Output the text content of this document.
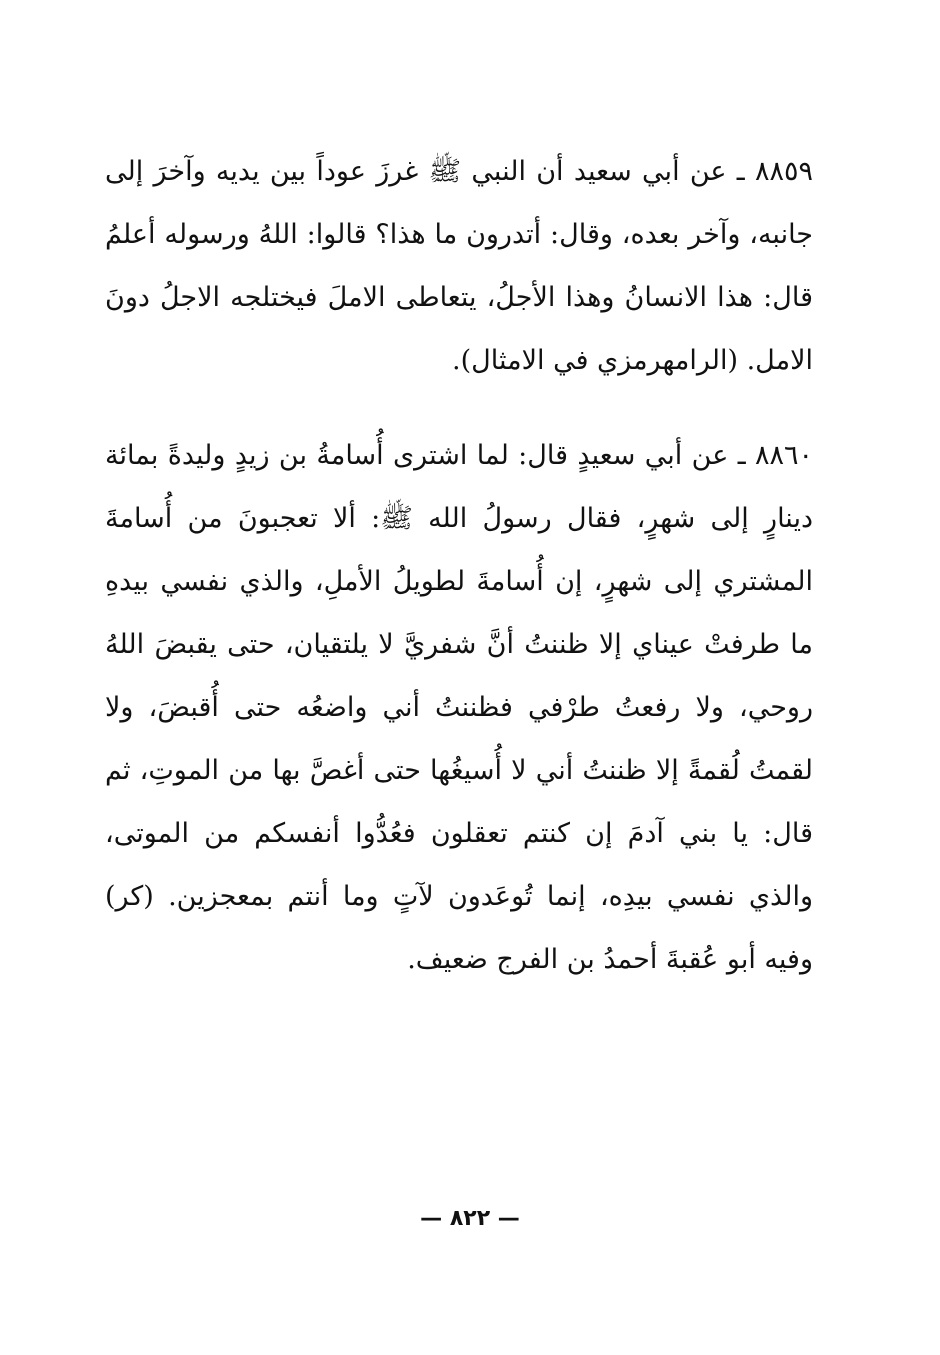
٨٨٥٩ ـ عن أبي سعيد أن النبي ﷺ غرزَ عوداً بين يديه وآخرَ إلى جانبه، وآخر بعده، وقال: أتدرون ما هذا؟ قالوا: اللهُ ورسوله أعلمُ قال: هذا الانسانُ وهذا الأجلُ، يتعاطى الاملَ فيختلجه الاجلُ دونَ الامل. (الرامهرمزي في الامثال).

٨٨٦٠ ـ عن أبي سعيدٍ قال: لما اشترى أُسامةُ بن زيدٍ وليدةً بمائة دينارٍ إلى شهرٍ، فقال رسولُ الله ﷺ: ألا تعجبونَ من أُسامةَ المشتري إلى شهرٍ، إن أُسامةَ لطويلُ الأملِ، والذي نفسي بيدهِ ما طرفتْ عيناي إلا ظننتُ أنَّ شفريَّ لا يلتقيان، حتى يقبضَ اللهُ روحي، ولا رفعتُ طرْفي فظننتُ أني واضعُه حتى أُقبضَ، ولا لقمتُ لُقمةً إلا ظننتُ أني لا أُسيغُها حتى أغصَّ بها من الموتِ، ثم قال: يا بني آدمَ إن كنتم تعقلون فعُدُّوا أنفسكم من الموتى، والذي نفسي بيدِه، إنما تُوعَدون لآتٍ وما أنتم بمعجزين. (كر) وفيه أبو عُقبةَ أحمدُ بن الفرج ضعيف.

— ٨٢٢ —
